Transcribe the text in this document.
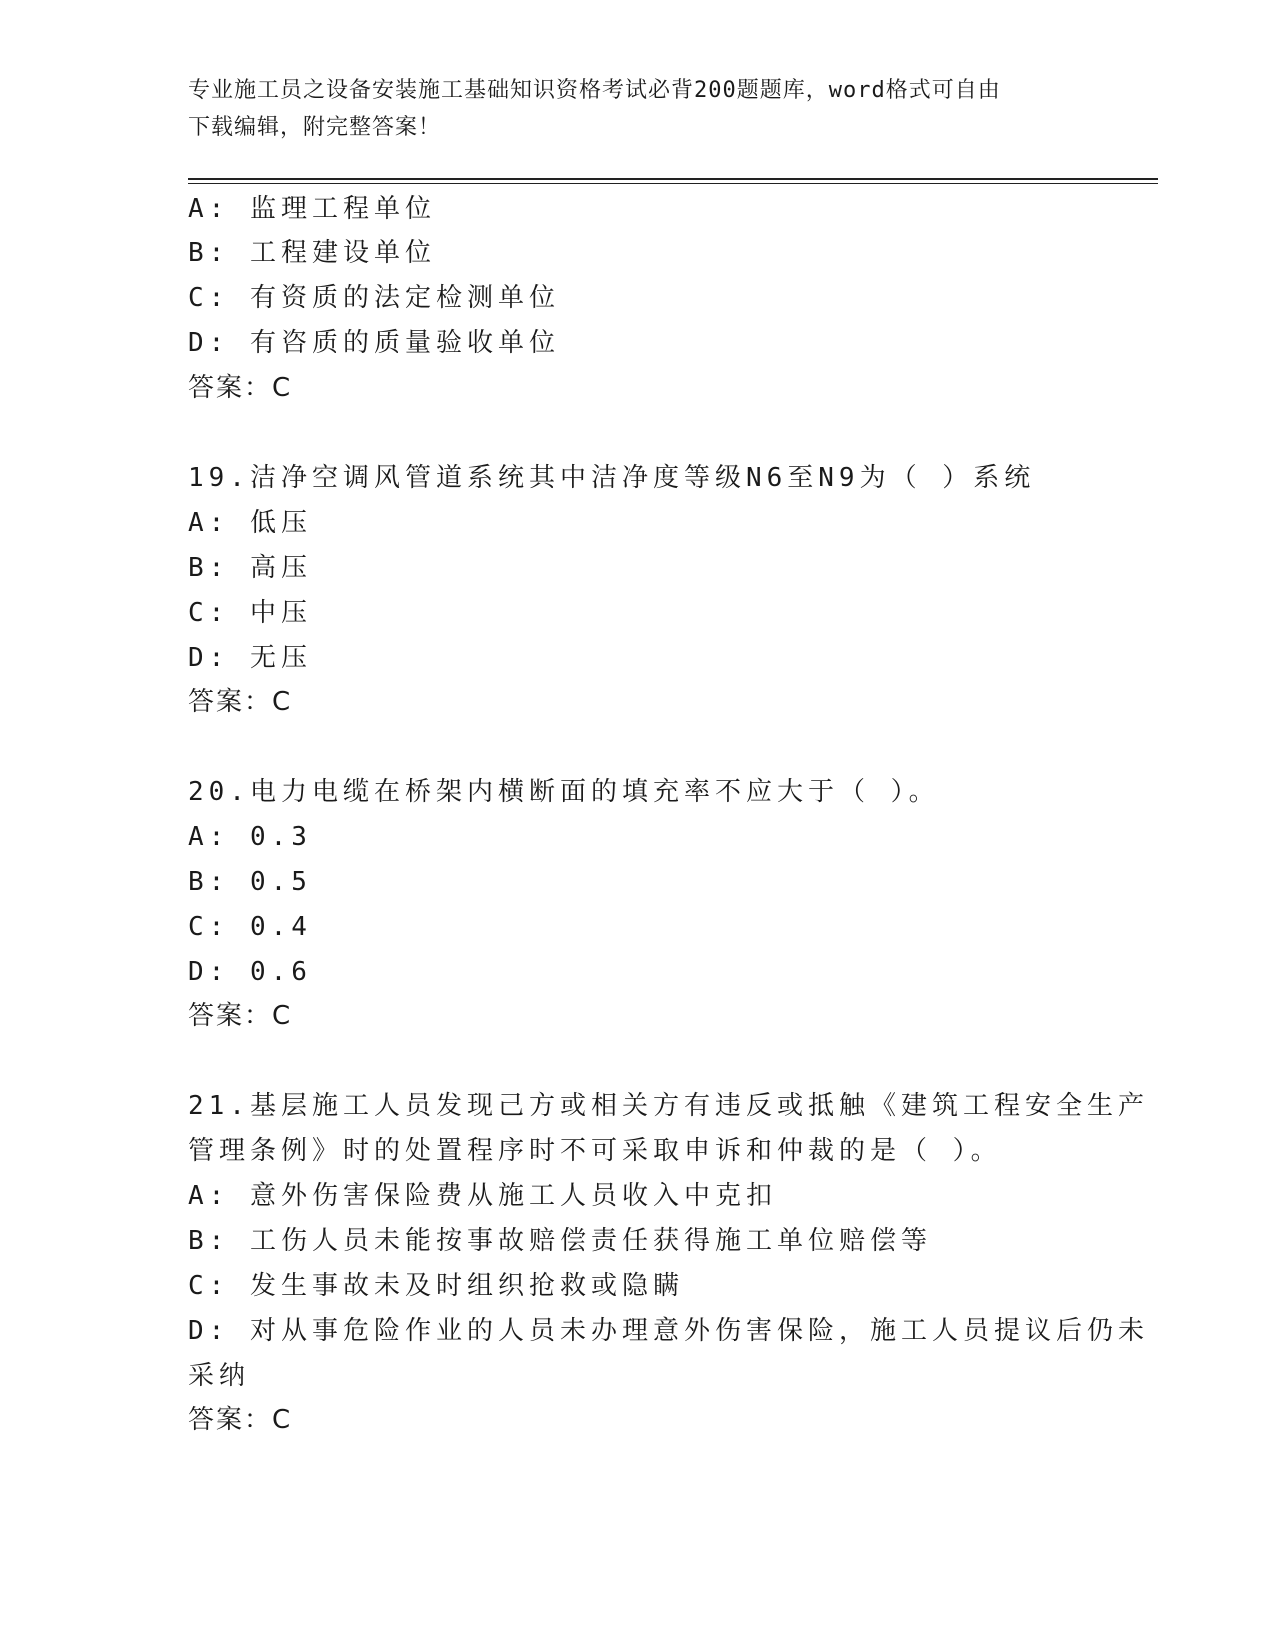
专业施工员之设备安装施工基础知识资格考试必背200题题库，word格式可自由
下载编辑，附完整答案！
A: 监理工程单位
B: 工程建设单位
C: 有资质的法定检测单位
D: 有咨质的质量验收单位
答案：C
19.洁净空调风管道系统其中洁净度等级N6至N9为（ ）系统
A: 低压
B: 高压
C: 中压
D: 无压
答案：C
20.电力电缆在桥架内横断面的填充率不应大于（ ）。
A: 0.3
B: 0.5
C: 0.4
D: 0.6
答案：C
21.基层施工人员发现己方或相关方有违反或抵触《建筑工程安全生产
管理条例》时的处置程序时不可采取申诉和仲裁的是（ ）。
A: 意外伤害保险费从施工人员收入中克扣
B: 工伤人员未能按事故赔偿责任获得施工单位赔偿等
C: 发生事故未及时组织抢救或隐瞒
D: 对从事危险作业的人员未办理意外伤害保险，施工人员提议后仍未
采纳
答案：C
